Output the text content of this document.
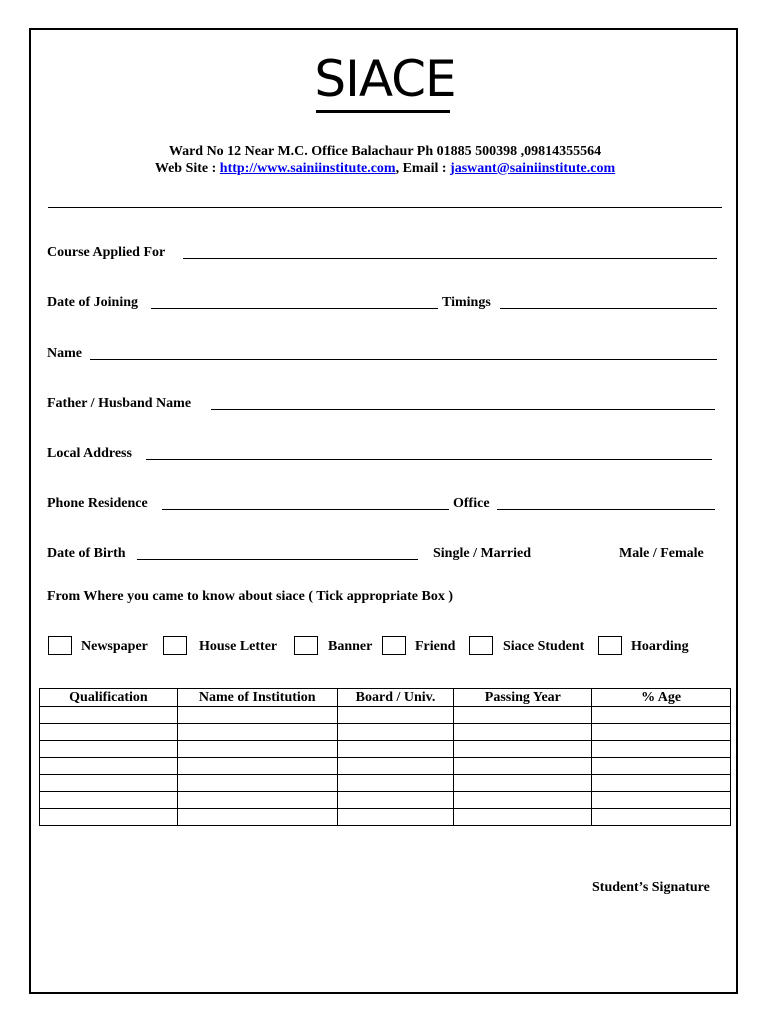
SIACE
Ward No 12 Near M.C. Office Balachaur Ph 01885 500398 ,09814355564
Web Site : http://www.sainiinstitute.com, Email : jaswant@sainiinstitute.com
Course Applied For
Date of Joining	Timings
Name
Father / Husband Name
Local Address
Phone Residence	Office
Date of Birth	Single / Married	Male / Female
From Where you came to know about siace ( Tick appropriate Box )
Newspaper	House Letter	Banner	Friend	Siace Student	Hoarding
Qualification	Name of Institution	Board / Univ.	Passing Year	% Age

Student’s Signature
